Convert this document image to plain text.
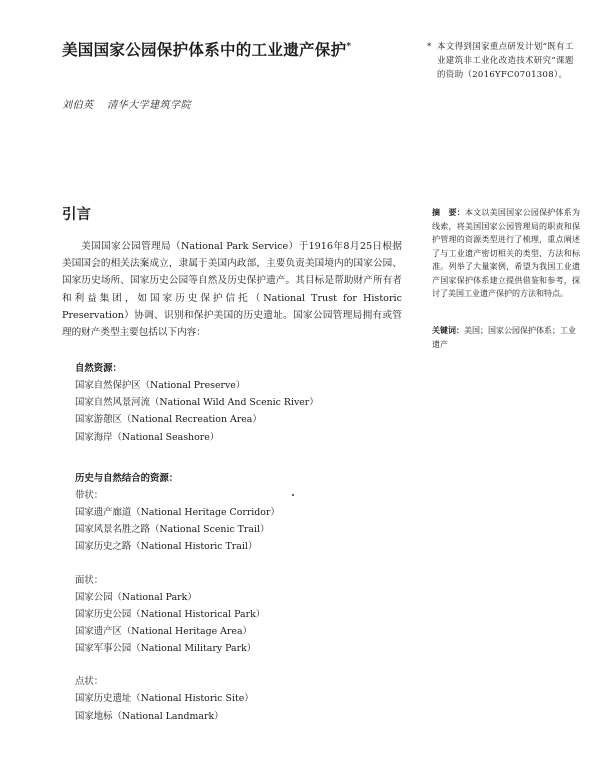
美国国家公园保护体系中的工业遗产保护*
刘伯英 清华大学建筑学院
* 本文得到国家重点研发计划“既有工业建筑非工业化改造技术研究”课题的资助（2016YFC0701308）。
引言

美国国家公园管理局（National Park Service）于1916年8月25日根据美国国会的相关法案成立，隶属于美国内政部，主要负责美国境内的国家公园、国家历史场所、国家历史公园等自然及历史保护遗产。其目标是帮助财产所有者和利益集团，如国家历史保护信托（National Trust for Historic Preservation）协调、识别和保护美国的历史遗址。国家公园管理局拥有或管理的财产类型主要包括以下内容：

摘　要：本文以美国国家公园保护体系为线索，将美国国家公园管理局的职责和保护管理的资源类型进行了梳理，重点阐述了与工业遗产密切相关的类型、方法和标准。列举了大量案例，希望为我国工业遗产国家保护体系建立提供借鉴和参考，探讨了美国工业遗产保护的方法和特点。
关键词：美国；国家公园保护体系；工业遗产
自然资源：
国家自然保护区（National Preserve）
国家自然风景河流（National Wild And Scenic River）
国家游憩区（National Recreation Area）
国家海岸（National Seashore）
历史与自然结合的资源：
带状：
国家遗产廊道（National Heritage Corridor）
国家风景名胜之路（National Scenic Trail）
国家历史之路（National Historic Trail）
面状：
国家公园（National Park）
国家历史公园（National Historical Park）
国家遗产区（National Heritage Area）
国家军事公园（National Military Park）
点状：
国家历史遗址（National Historic Site）
国家地标（National Landmark）
